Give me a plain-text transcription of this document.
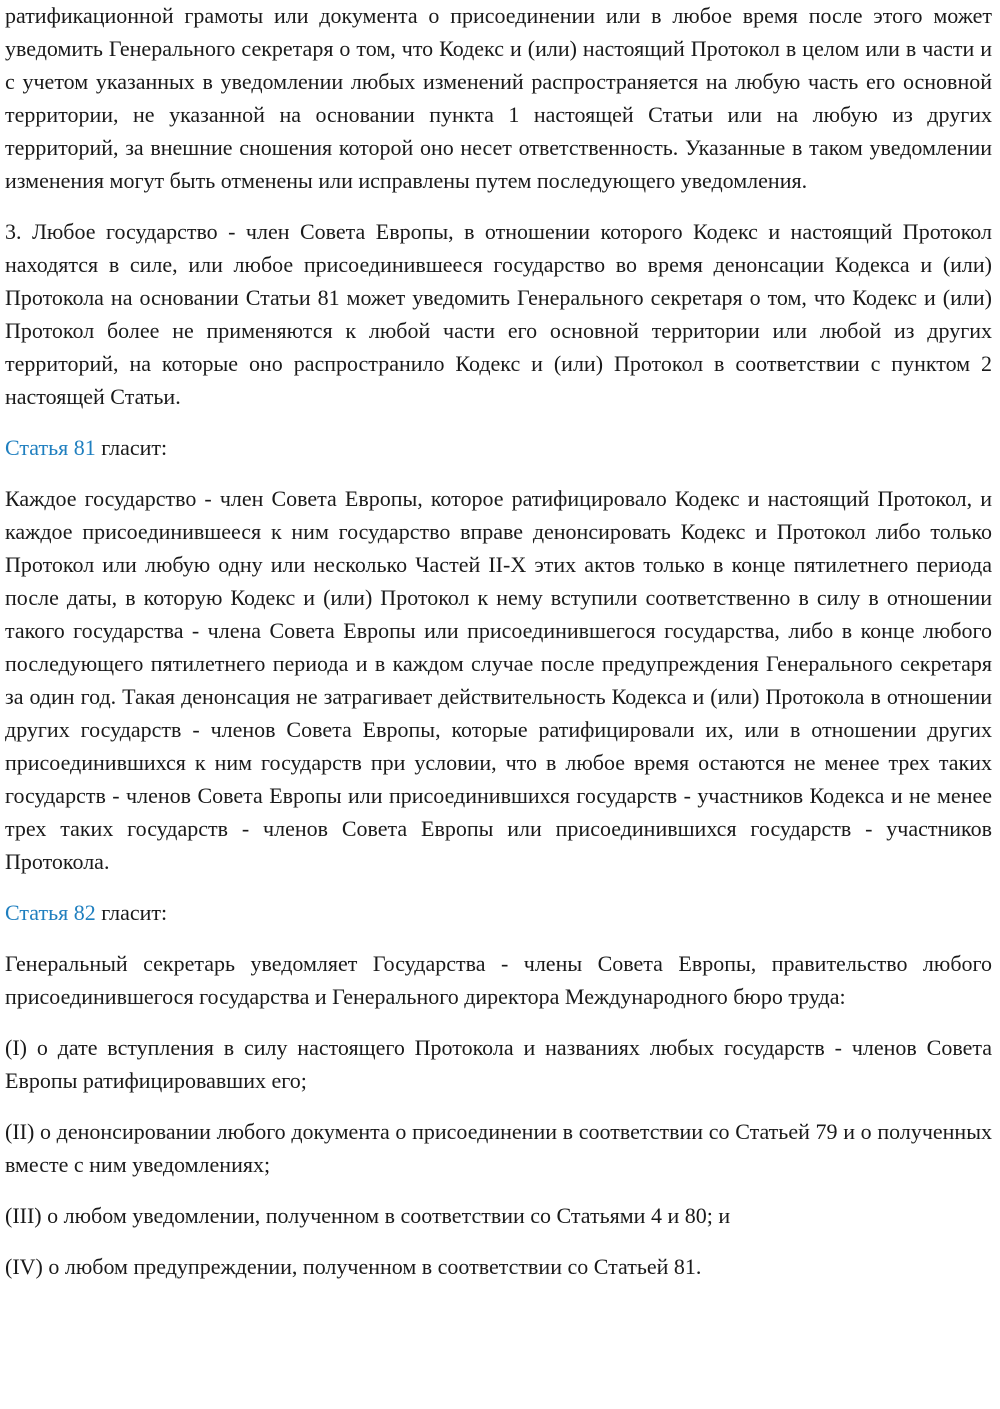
ратификационной грамоты или документа о присоединении или в любое время после этого может уведомить Генерального секретаря о том, что Кодекс и (или) настоящий Протокол в целом или в части и с учетом указанных в уведомлении любых изменений распространяется на любую часть его основной территории, не указанной на основании пункта 1 настоящей Статьи или на любую из других территорий, за внешние сношения которой оно несет ответственность. Указанные в таком уведомлении изменения могут быть отменены или исправлены путем последующего уведомления.

3. Любое государство - член Совета Европы, в отношении которого Кодекс и настоящий Протокол находятся в силе, или любое присоединившееся государство во время денонсации Кодекса и (или) Протокола на основании Статьи 81 может уведомить Генерального секретаря о том, что Кодекс и (или) Протокол более не применяются к любой части его основной территории или любой из других территорий, на которые оно распространило Кодекс и (или) Протокол в соответствии с пунктом 2 настоящей Статьи.

Статья 81 гласит:

Каждое государство - член Совета Европы, которое ратифицировало Кодекс и настоящий Протокол, и каждое присоединившееся к ним государство вправе денонсировать Кодекс и Протокол либо только Протокол или любую одну или несколько Частей II-X этих актов только в конце пятилетнего периода после даты, в которую Кодекс и (или) Протокол к нему вступили соответственно в силу в отношении такого государства - члена Совета Европы или присоединившегося государства, либо в конце любого последующего пятилетнего периода и в каждом случае после предупреждения Генерального секретаря за один год. Такая денонсация не затрагивает действительность Кодекса и (или) Протокола в отношении других государств - членов Совета Европы, которые ратифицировали их, или в отношении других присоединившихся к ним государств при условии, что в любое время остаются не менее трех таких государств - членов Совета Европы или присоединившихся государств - участников Кодекса и не менее трех таких государств - членов Совета Европы или присоединившихся государств - участников Протокола.

Статья 82 гласит:

Генеральный секретарь уведомляет Государства - члены Совета Европы, правительство любого присоединившегося государства и Генерального директора Международного бюро труда:

(I) о дате вступления в силу настоящего Протокола и названиях любых государств - членов Совета Европы ратифицировавших его;

(II) о денонсировании любого документа о присоединении в соответствии со Статьей 79 и о полученных вместе с ним уведомлениях;

(III) о любом уведомлении, полученном в соответствии со Статьями 4 и 80; и

(IV) о любом предупреждении, полученном в соответствии со Статьей 81.
